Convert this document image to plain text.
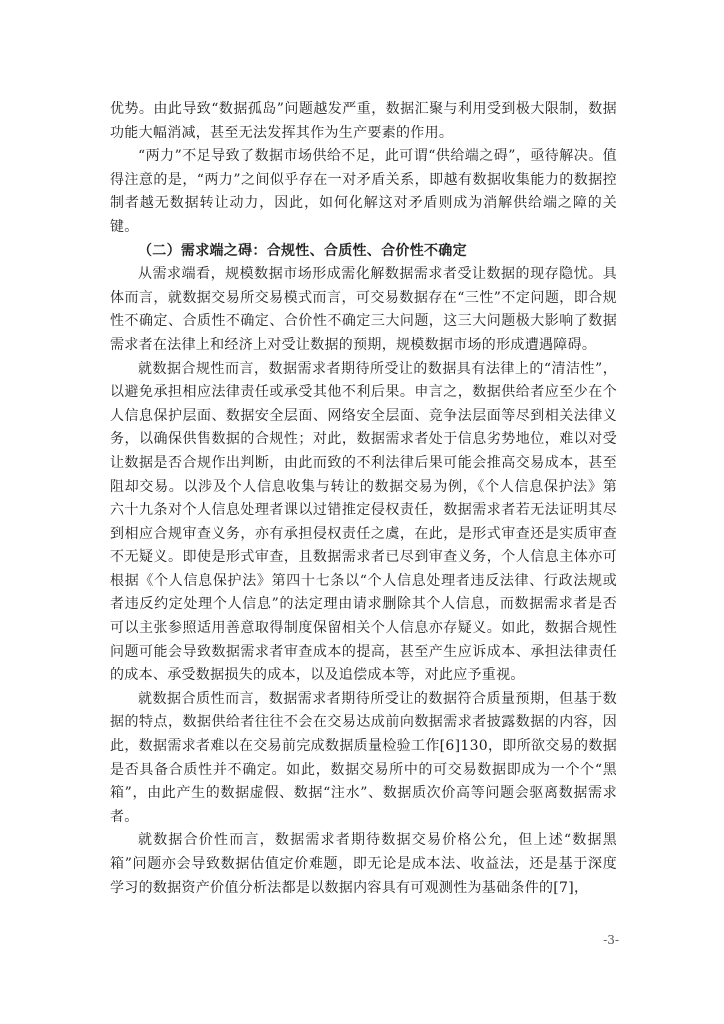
优势。由此导致“数据孤岛”问题越发严重，数据汇聚与利用受到极大限制，数据功能大幅消减，甚至无法发挥其作为生产要素的作用。

“两力”不足导致了数据市场供给不足，此可谓“供给端之碍”，亟待解决。值得注意的是，“两力”之间似乎存在一对矛盾关系，即越有数据收集能力的数据控制者越无数据转让动力，因此，如何化解这对矛盾则成为消解供给端之障的关键。

（二）需求端之碍：合规性、合质性、合价性不确定

从需求端看，规模数据市场形成需化解数据需求者受让数据的现存隐忧。具体而言，就数据交易所交易模式而言，可交易数据存在“三性”不定问题，即合规性不确定、合质性不确定、合价性不确定三大问题，这三大问题极大影响了数据需求者在法律上和经济上对受让数据的预期，规模数据市场的形成遭遇障碍。

就数据合规性而言，数据需求者期待所受让的数据具有法律上的“清洁性”，以避免承担相应法律责任或承受其他不利后果。申言之，数据供给者应至少在个人信息保护层面、数据安全层面、网络安全层面、竞争法层面等尽到相关法律义务，以确保供售数据的合规性；对此，数据需求者处于信息劣势地位，难以对受让数据是否合规作出判断，由此而致的不利法律后果可能会推高交易成本，甚至阻却交易。以涉及个人信息收集与转让的数据交易为例，《个人信息保护法》第六十九条对个人信息处理者课以过错推定侵权责任，数据需求者若无法证明其尽到相应合规审查义务，亦有承担侵权责任之虞，在此，是形式审查还是实质审查不无疑义。即使是形式审查，且数据需求者已尽到审查义务，个人信息主体亦可根据《个人信息保护法》第四十七条以“个人信息处理者违反法律、行政法规或者违反约定处理个人信息”的法定理由请求删除其个人信息，而数据需求者是否可以主张参照适用善意取得制度保留相关个人信息亦存疑义。如此，数据合规性问题可能会导致数据需求者审查成本的提高，甚至产生应诉成本、承担法律责任的成本、承受数据损失的成本，以及追偿成本等，对此应予重视。

就数据合质性而言，数据需求者期待所受让的数据符合质量预期，但基于数据的特点，数据供给者往往不会在交易达成前向数据需求者披露数据的内容，因此，数据需求者难以在交易前完成数据质量检验工作[6]130，即所欲交易的数据是否具备合质性并不确定。如此，数据交易所中的可交易数据即成为一个个“黑箱”，由此产生的数据虚假、数据“注水”、数据质次价高等问题会驱离数据需求者。

就数据合价性而言，数据需求者期待数据交易价格公允，但上述“数据黑箱”问题亦会导致数据估值定价难题，即无论是成本法、收益法，还是基于深度学习的数据资产价值分析法都是以数据内容具有可观测性为基础条件的[7]，

-3-
